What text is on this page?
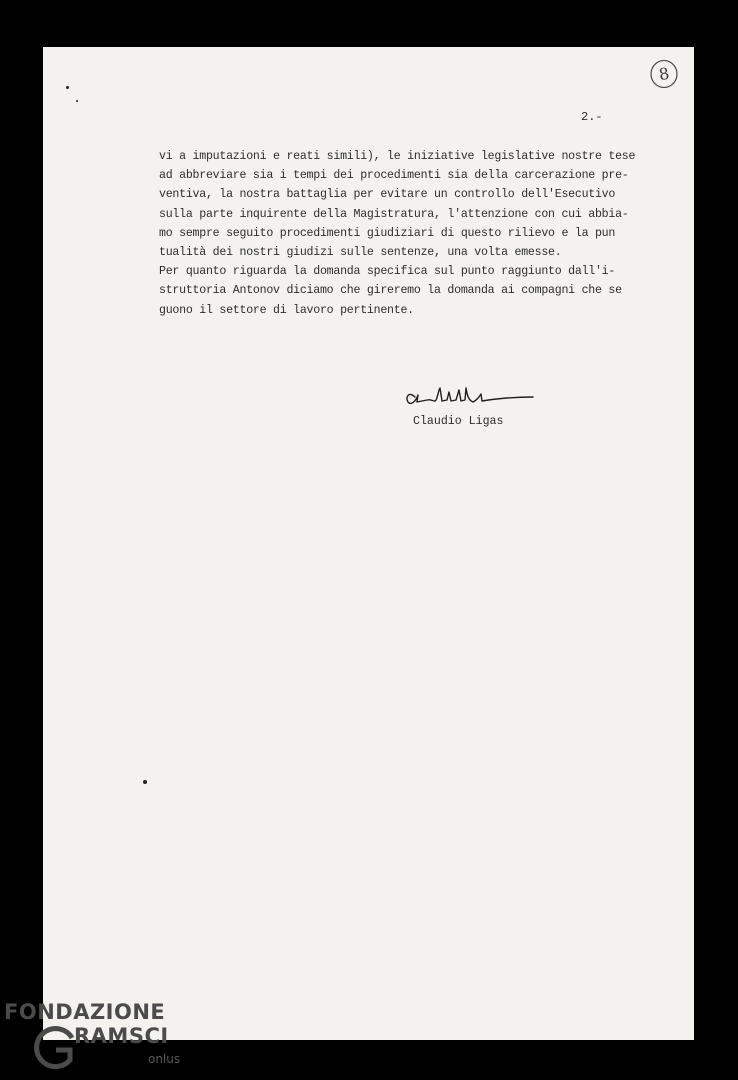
8

2.-

vi a imputazioni e reati simili), le iniziative legislative nostre tese

ad abbreviare sia i tempi dei procedimenti sia della carcerazione pre-

ventiva, la nostra battaglia per evitare un controllo dell'Esecutivo

sulla parte inquirente della Magistratura, l'attenzione con cui abbia-

mo sempre seguito procedimenti giudiziari di questo rilievo e la pun

tualità dei nostri giudizi sulle sentenze, una volta emesse.

Per quanto riguarda la domanda specifica sul punto raggiunto dall'i-

struttoria Antonov diciamo che gireremo la domanda ai compagni che se

guono il settore di lavoro pertinente.

Claudio Ligas

FONDAZIONE
RAMSCI
onlus
